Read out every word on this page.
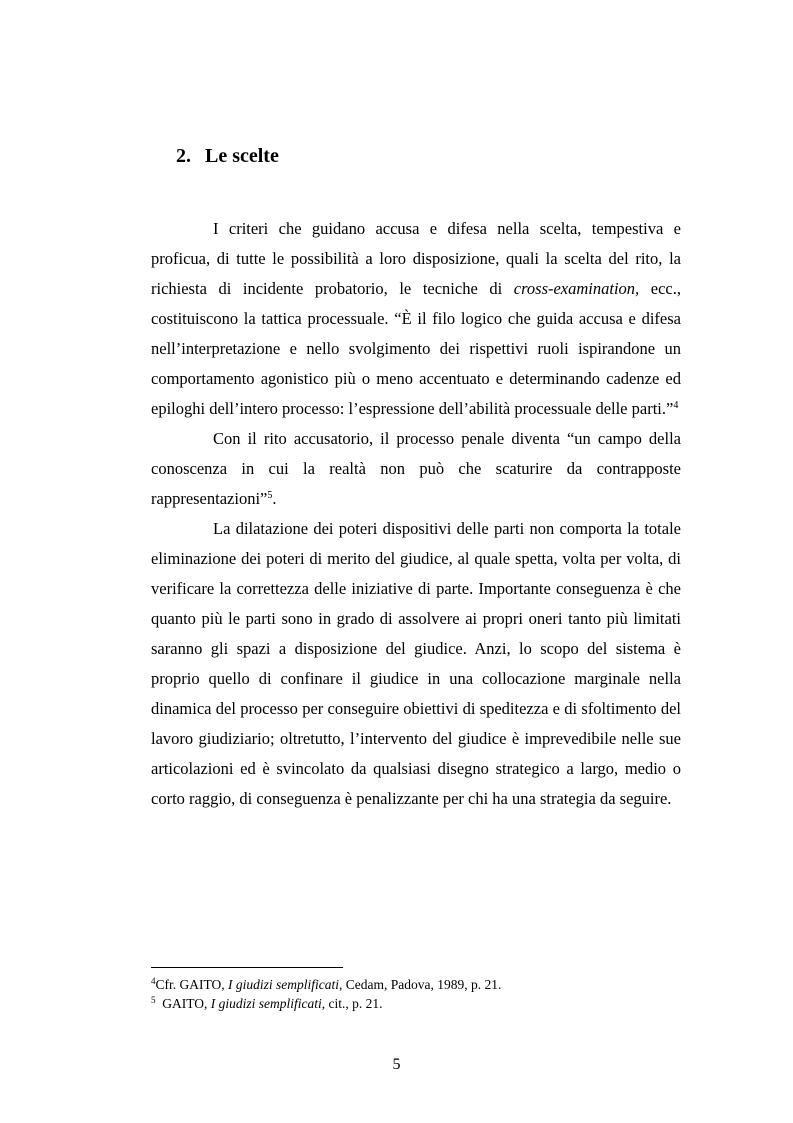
2. Le scelte

I criteri che guidano accusa e difesa nella scelta, tempestiva e proficua, di tutte le possibilità a loro disposizione, quali la scelta del rito, la richiesta di incidente probatorio, le tecniche di cross-examination, ecc., costituiscono la tattica processuale. “È il filo logico che guida accusa e difesa nell’interpretazione e nello svolgimento dei rispettivi ruoli ispirandone un comportamento agonistico più o meno accentuato e determinando cadenze ed epiloghi dell’intero processo: l’espressione dell’abilità processuale delle parti.”$^4$

Con il rito accusatorio, il processo penale diventa “un campo della conoscenza in cui la realtà non può che scaturire da contrapposte rappresentazioni”$^5$.

La dilatazione dei poteri dispositivi delle parti non comporta la totale eliminazione dei poteri di merito del giudice, al quale spetta, volta per volta, di verificare la correttezza delle iniziative di parte. Importante conseguenza è che quanto più le parti sono in grado di assolvere ai propri oneri tanto più limitati saranno gli spazi a disposizione del giudice. Anzi, lo scopo del sistema è proprio quello di confinare il giudice in una collocazione marginale nella dinamica del processo per conseguire obiettivi di speditezza e di sfoltimento del lavoro giudiziario; oltretutto, l’intervento del giudice è imprevedibile nelle sue articolazioni ed è svincolato da qualsiasi disegno strategico a largo, medio o corto raggio, di conseguenza è penalizzante per chi ha una strategia da seguire.

$^4$Cfr. GAITO, I giudizi semplificati, Cedam, Padova, 1989, p. 21.
$^5$  GAITO, I giudizi semplificati, cit., p. 21.
5
